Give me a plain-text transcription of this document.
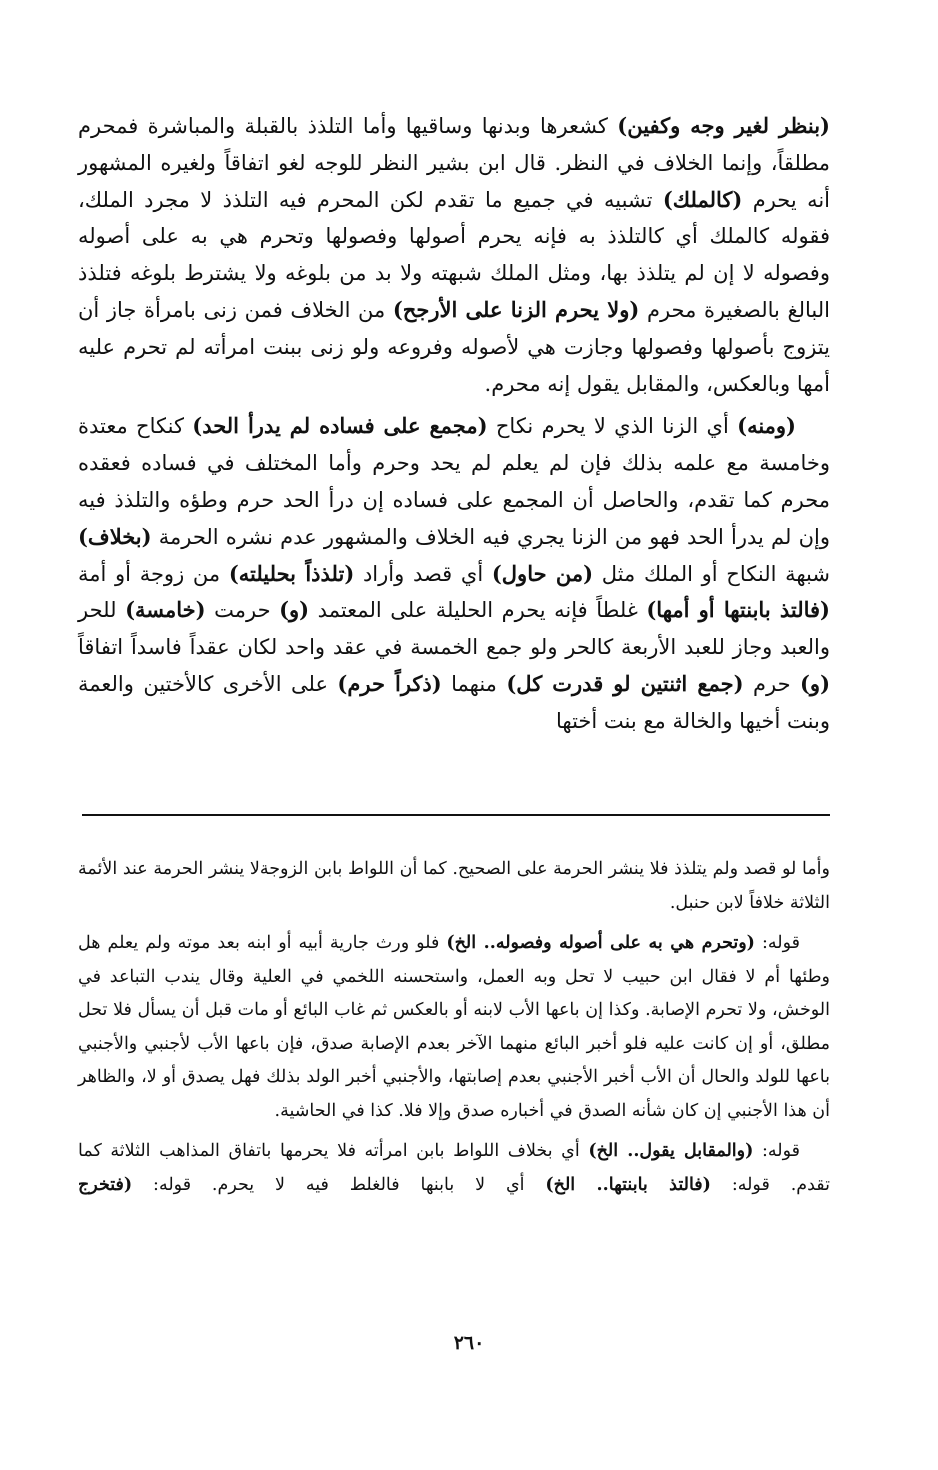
(بنظر لغير وجه وكفين) كشعرها وبدنها وساقيها وأما التلذذ بالقبلة والمباشرة فمحرم مطلقاً، وإنما الخلاف في النظر. قال ابن بشير النظر للوجه لغو اتفاقاً ولغيره المشهور أنه يحرم (كالملك) تشبيه في جميع ما تقدم لكن المحرم فيه التلذذ لا مجرد الملك، فقوله كالملك أي كالتلذذ به فإنه يحرم أصولها وفصولها وتحرم هي به على أصوله وفصوله لا إن لم يتلذذ بها، ومثل الملك شبهته ولا بد من بلوغه ولا يشترط بلوغه فتلذذ البالغ بالصغيرة محرم (ولا يحرم الزنا على الأرجح) من الخلاف فمن زنى بامرأة جاز أن يتزوج بأصولها وفصولها وجازت هي لأصوله وفروعه ولو زنى ببنت امرأته لم تحرم عليه أمها وبالعكس، والمقابل يقول إنه محرم.

(ومنه) أي الزنا الذي لا يحرم نكاح (مجمع على فساده لم يدرأ الحد) كنكاح معتدة وخامسة مع علمه بذلك فإن لم يعلم لم يحد وحرم وأما المختلف في فساده فعقده محرم كما تقدم، والحاصل أن المجمع على فساده إن درأ الحد حرم وطؤه والتلذذ فيه وإن لم يدرأ الحد فهو من الزنا يجري فيه الخلاف والمشهور عدم نشره الحرمة (بخلاف) شبهة النكاح أو الملك مثل (من حاول) أي قصد وأراد (تلذذاً بحليلته) من زوجة أو أمة (فالتذ بابنتها أو أمها) غلطاً فإنه يحرم الحليلة على المعتمد (و) حرمت (خامسة) للحر والعبد وجاز للعبد الأربعة كالحر ولو جمع الخمسة في عقد واحد لكان عقداً فاسداً اتفاقاً (و) حرم (جمع اثنتين لو قدرت كل) منهما (ذكراً حرم) على الأخرى كالأختين والعمة وبنت أخيها والخالة مع بنت أختها

وأما لو قصد ولم يتلذذ فلا ينشر الحرمة على الصحيح. كما أن اللواط بابن الزوجةلا ينشر الحرمة عند الأئمة الثلاثة خلافاً لابن حنبل.

قوله: (وتحرم هي به على أصوله وفصوله.. الخ) فلو ورث جارية أبيه أو ابنه بعد موته ولم يعلم هل وطئها أم لا فقال ابن حبيب لا تحل وبه العمل، واستحسنه اللخمي في العلية وقال يندب التباعد في الوخش، ولا تحرم الإصابة. وكذا إن باعها الأب لابنه أو بالعكس ثم غاب البائع أو مات قبل أن يسأل فلا تحل مطلق، أو إن كانت عليه فلو أخبر البائع منهما الآخر بعدم الإصابة صدق، فإن باعها الأب لأجنبي والأجنبي باعها للولد والحال أن الأب أخبر الأجنبي بعدم إصابتها، والأجنبي أخبر الولد بذلك فهل يصدق أو لا، والظاهر أن هذا الأجنبي إن كان شأنه الصدق في أخباره صدق وإلا فلا. كذا في الحاشية.

قوله: (والمقابل يقول.. الخ) أي بخلاف اللواط بابن امرأته فلا يحرمها باتفاق المذاهب الثلاثة كما تقدم. قوله: (فالتذ بابنتها.. الخ) أي لا بابنها فالغلط فيه لا يحرم. قوله: (فتخرج

٢٦٠
